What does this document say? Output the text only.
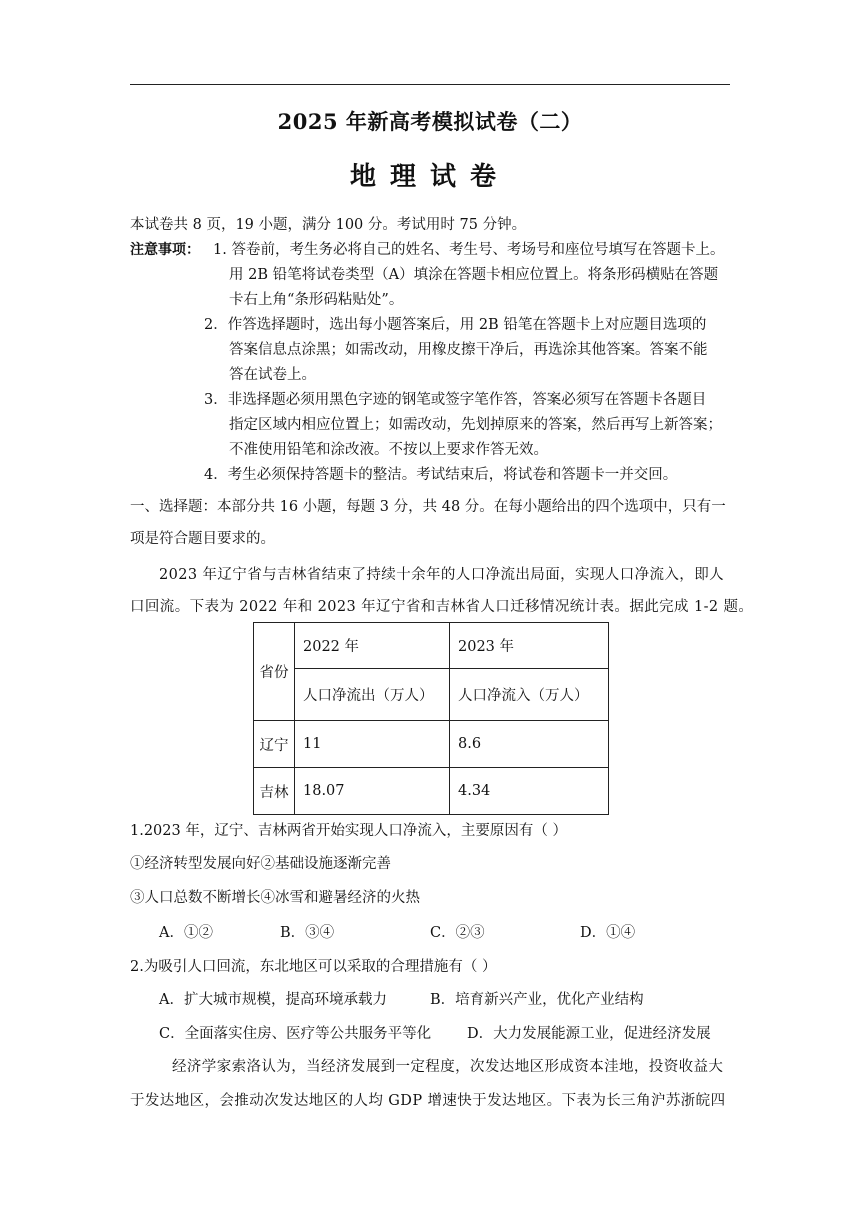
2025 年新高考模拟试卷（二）
地理试卷
本试卷共 8 页，19 小题，满分 100 分。考试用时 75 分钟。
注意事项： 1. 答卷前，考生务必将自己的姓名、考生号、考场号和座位号填写在答题卡上。
用 2B 铅笔将试卷类型（A）填涂在答题卡相应位置上。将条形码横贴在答题
卡右上角“条形码粘贴处”。
2．作答选择题时，选出每小题答案后，用 2B 铅笔在答题卡上对应题目选项的
答案信息点涂黑；如需改动，用橡皮擦干净后，再选涂其他答案。答案不能
答在试卷上。
3．非选择题必须用黑色字迹的钢笔或签字笔作答，答案必须写在答题卡各题目
指定区域内相应位置上；如需改动，先划掉原来的答案，然后再写上新答案；
不准使用铅笔和涂改液。不按以上要求作答无效。
4．考生必须保持答题卡的整洁。考试结束后，将试卷和答题卡一并交回。
一、选择题：本部分共 16 小题，每题 3 分，共 48 分。在每小题给出的四个选项中，只有一
项是符合题目要求的。
2023 年辽宁省与吉林省结束了持续十余年的人口净流出局面，实现人口净流入，即人
口回流。下表为 2022 年和 2023 年辽宁省和吉林省人口迁移情况统计表。据此完成 1-2 题。
省份	2022 年	2023 年
	人口净流出（万人）	人口净流入（万人）
辽宁	11	8.6
吉林	18.07	4.34
1.2023 年，辽宁、吉林两省开始实现人口净流入，主要原因有（ ）
①经济转型发展向好②基础设施逐渐完善
③人口总数不断增长④冰雪和避暑经济的火热
A．①②	B．③④	C．②③	D．①④
2.为吸引人口回流，东北地区可以采取的合理措施有（ ）
A．扩大城市规模，提高环境承载力	B．培育新兴产业，优化产业结构
C．全面落实住房、医疗等公共服务平等化 D．大力发展能源工业，促进经济发展
经济学家索洛认为，当经济发展到一定程度，次发达地区形成资本洼地，投资收益大
于发达地区，会推动次发达地区的人均 GDP 增速快于发达地区。下表为长三角沪苏浙皖四
